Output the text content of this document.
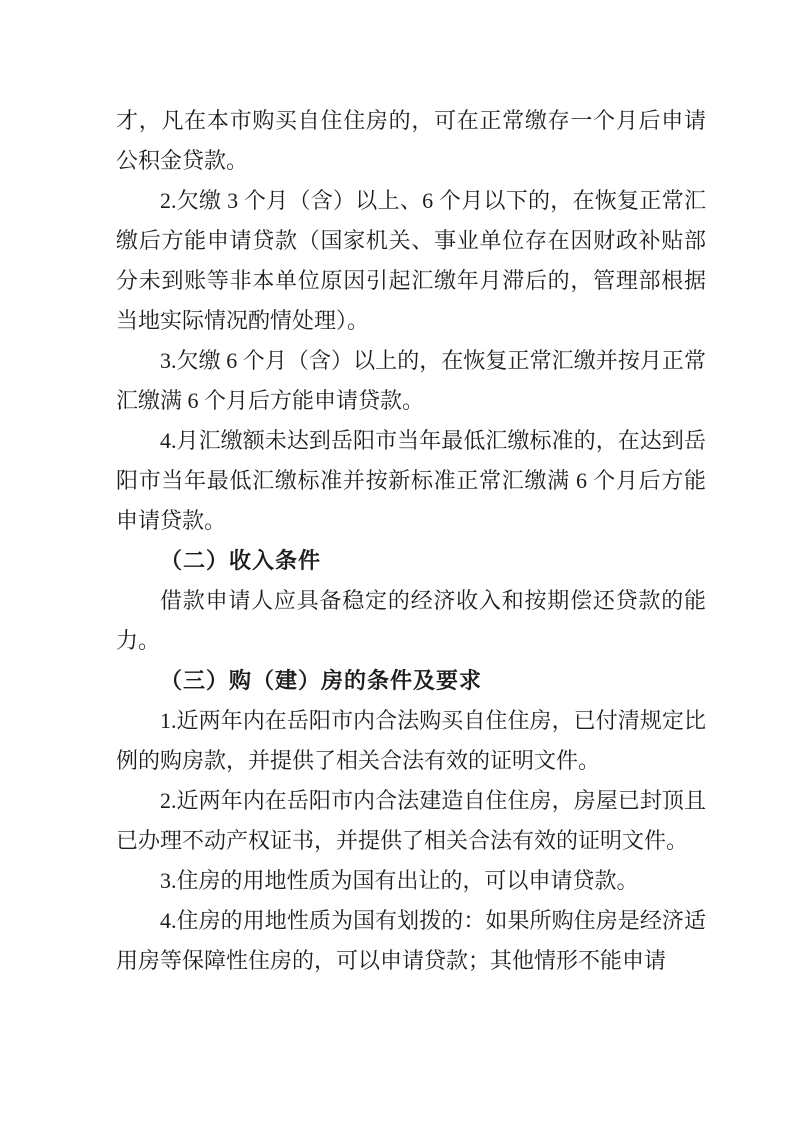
才，凡在本市购买自住住房的，可在正常缴存一个月后申请公积金贷款。

2.欠缴 3 个月（含）以上、6 个月以下的，在恢复正常汇缴后方能申请贷款（国家机关、事业单位存在因财政补贴部分未到账等非本单位原因引起汇缴年月滞后的，管理部根据当地实际情况酌情处理）。

3.欠缴 6 个月（含）以上的，在恢复正常汇缴并按月正常汇缴满 6 个月后方能申请贷款。

4.月汇缴额未达到岳阳市当年最低汇缴标准的，在达到岳阳市当年最低汇缴标准并按新标准正常汇缴满 6 个月后方能申请贷款。

（二）收入条件

借款申请人应具备稳定的经济收入和按期偿还贷款的能力。

（三）购（建）房的条件及要求

1.近两年内在岳阳市内合法购买自住住房，已付清规定比例的购房款，并提供了相关合法有效的证明文件。

2.近两年内在岳阳市内合法建造自住住房，房屋已封顶且已办理不动产权证书，并提供了相关合法有效的证明文件。

3.住房的用地性质为国有出让的，可以申请贷款。

4.住房的用地性质为国有划拨的：如果所购住房是经济适用房等保障性住房的，可以申请贷款；其他情形不能申请
